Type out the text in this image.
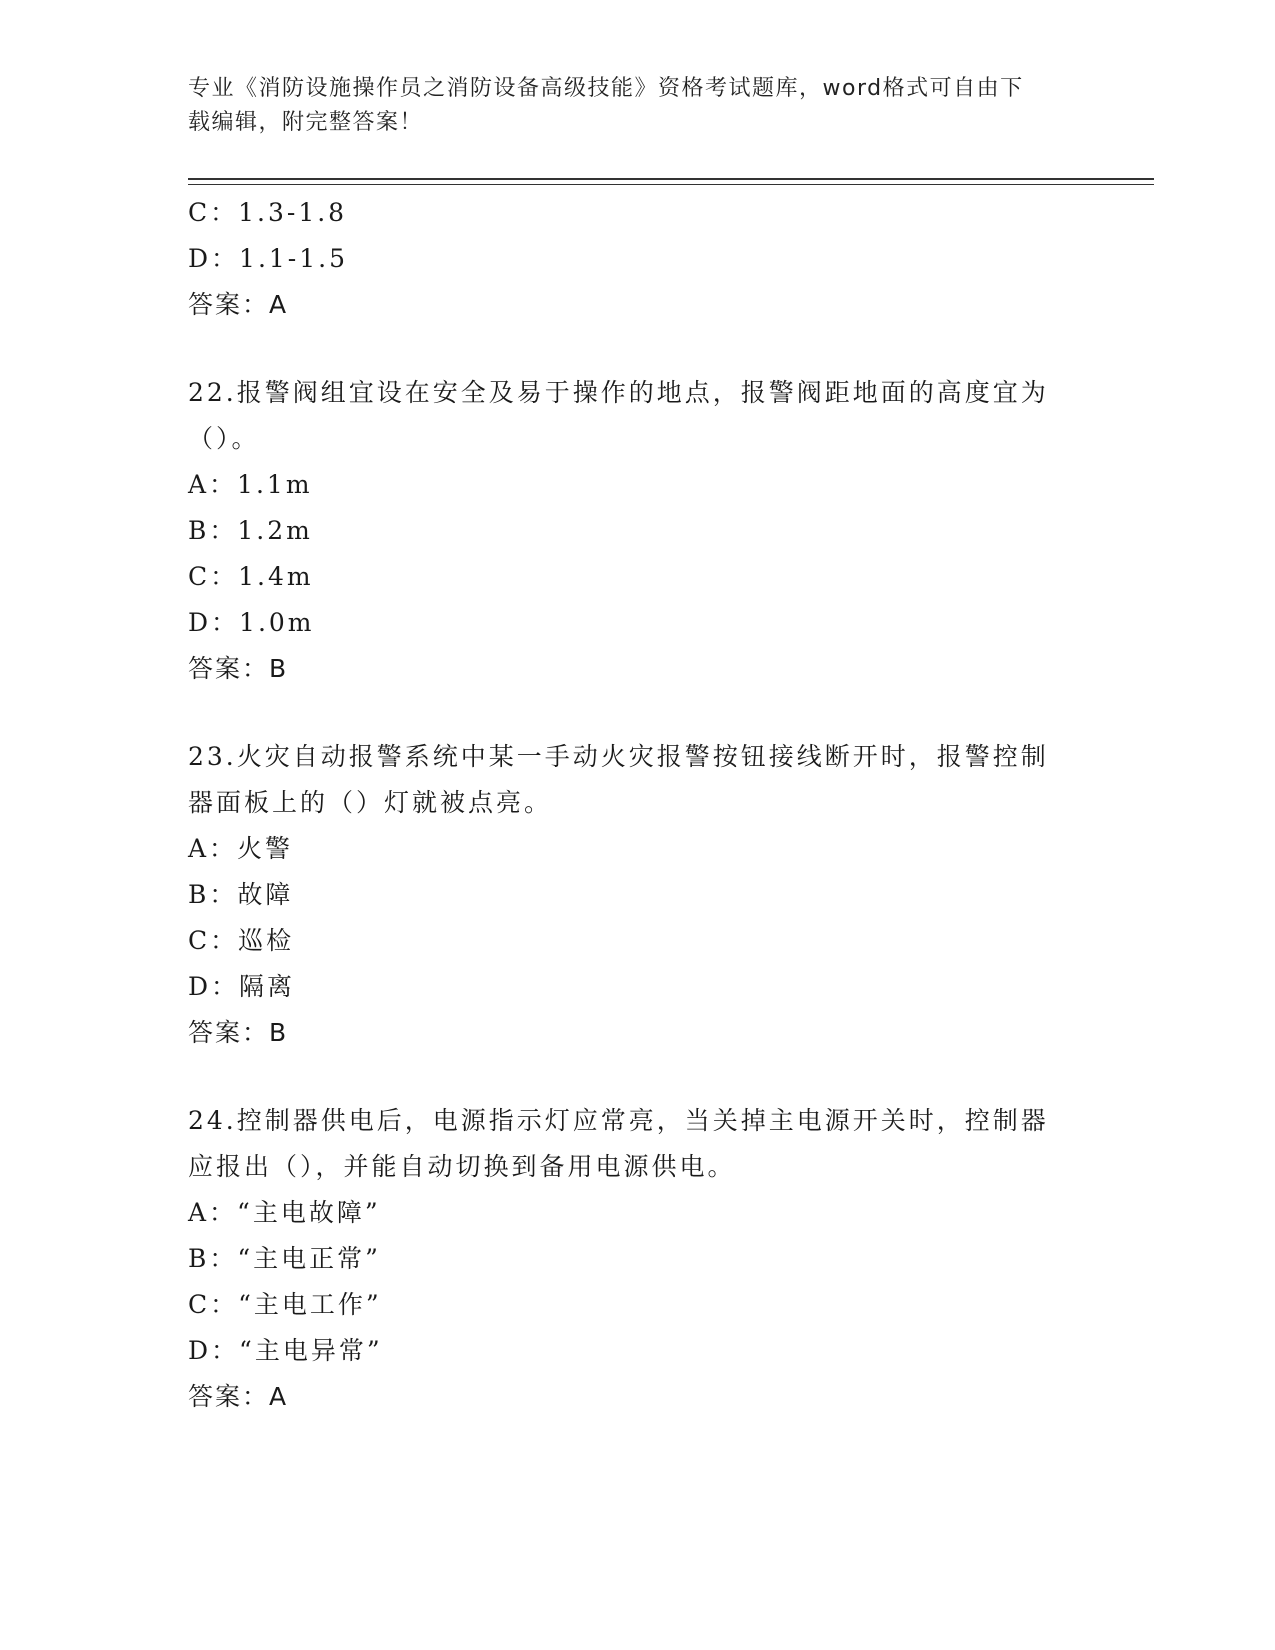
专业《消防设施操作员之消防设备高级技能》资格考试题库，word格式可自由下
载编辑，附完整答案！
C：1.3-1.8
D：1.1-1.5
答案：A
22.报警阀组宜设在安全及易于操作的地点，报警阀距地面的高度宜为（）。
A：1.1m
B：1.2m
C：1.4m
D：1.0m
答案：B
23.火灾自动报警系统中某一手动火灾报警按钮接线断开时，报警控制器面板上的（）灯就被点亮。
A：火警
B：故障
C：巡检
D：隔离
答案：B
24.控制器供电后，电源指示灯应常亮，当关掉主电源开关时，控制器应报出（），并能自动切换到备用电源供电。
A：“主电故障”
B：“主电正常”
C：“主电工作”
D：“主电异常”
答案：A
